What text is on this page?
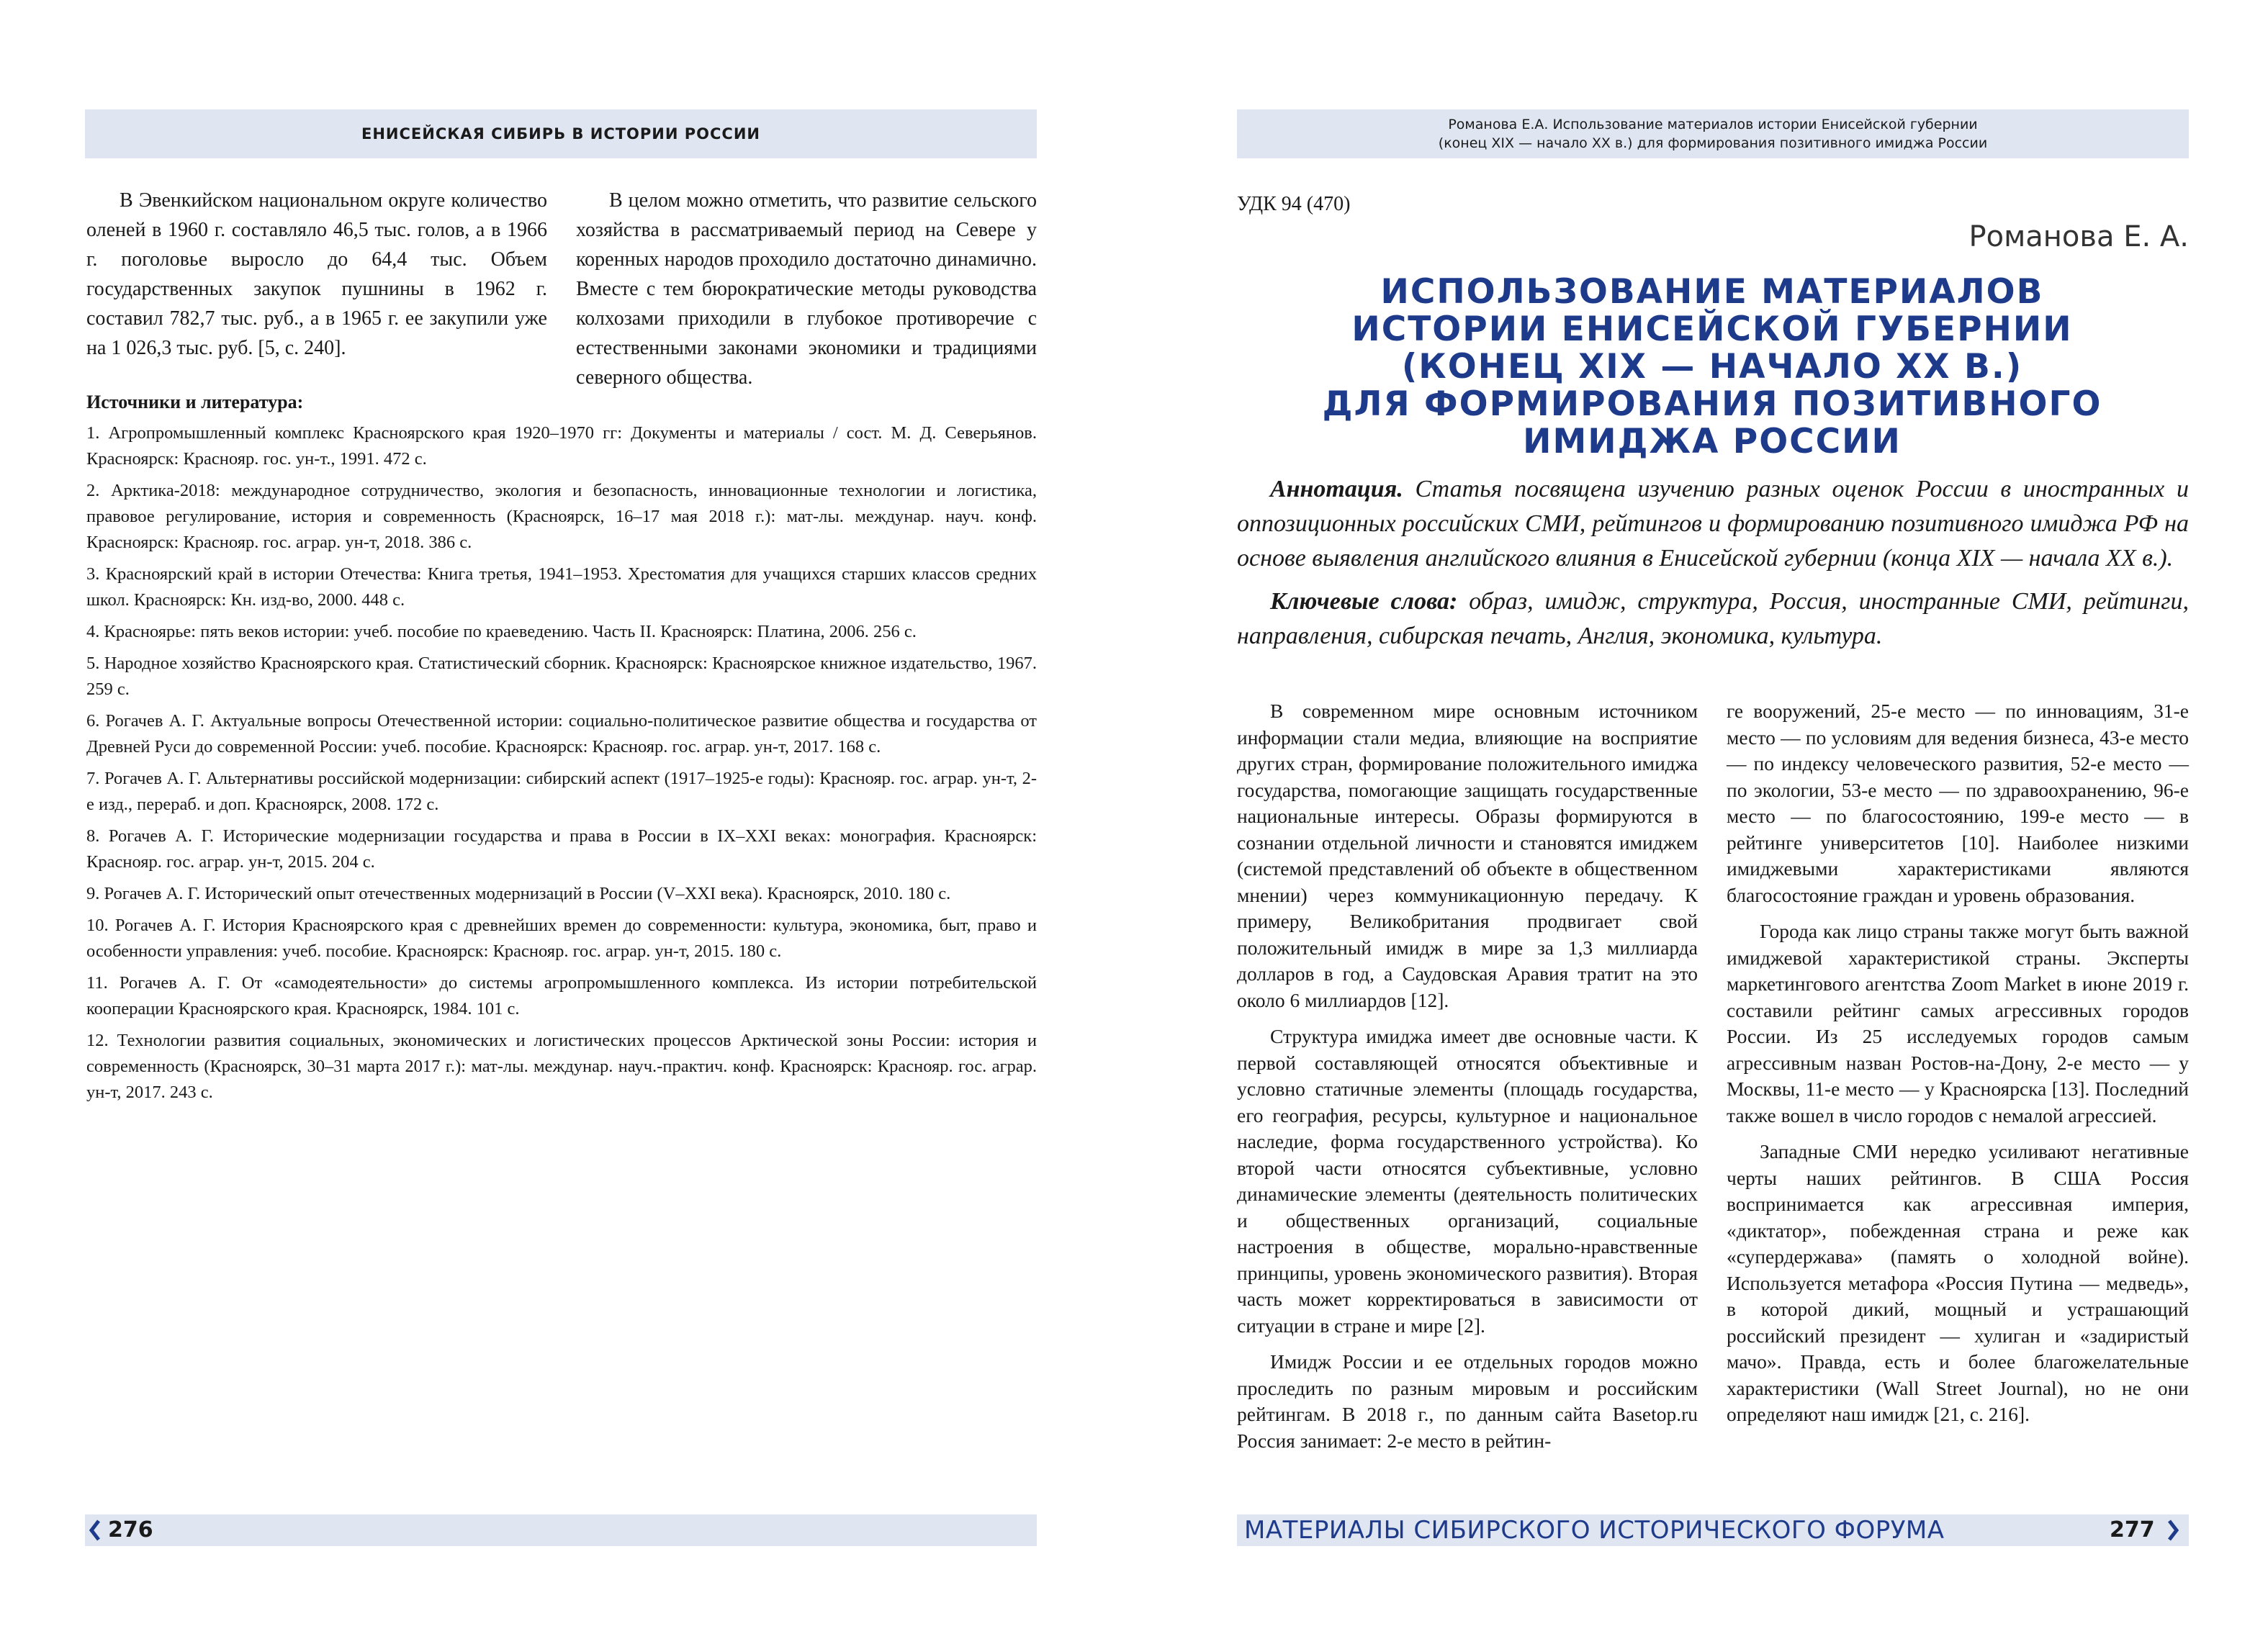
ЕНИСЕЙСКАЯ СИБИРЬ В ИСТОРИИ РОССИИ

В Эвенкийском национальном округе количество оленей в 1960 г. составляло 46,5 тыс. голов, а в 1966 г. поголовье выросло до 64,4 тыс. Объем государственных закупок пушнины в 1962 г. составил 782,7 тыс. руб., а в 1965 г. ее закупили уже на 1 026,3 тыс. руб. [5, с. 240].

В целом можно отметить, что развитие сельского хозяйства в рассматриваемый период на Севере у коренных народов проходило достаточно динамично. Вместе с тем бюрократические методы руководства колхозами приходили в глубокое противоречие с естественными законами экономики и традициями северного общества.

Источники и литература:
1. Агропромышленный комплекс Красноярского края 1920–1970 гг: Документы и материалы / сост. М. Д. Северьянов. Красноярск: Краснояр. гос. ун-т., 1991. 472 с.
2. Арктика-2018: международное сотрудничество, экология и безопасность, инновационные технологии и логистика, правовое регулирование, история и современность (Красноярск, 16–17 мая 2018 г.): мат-лы. междунар. науч. конф. Красноярск: Краснояр. гос. аграр. ун-т, 2018. 386 с.
3. Красноярский край в истории Отечества: Книга третья, 1941–1953. Хрестоматия для учащихся старших классов средних школ. Красноярск: Кн. изд-во, 2000. 448 с.
4. Красноярье: пять веков истории: учеб. пособие по краеведению. Часть II. Красноярск: Платина, 2006. 256 с.
5. Народное хозяйство Красноярского края. Статистический сборник. Красноярск: Красноярское книжное издательство, 1967. 259 с.
6. Рогачев А. Г. Актуальные вопросы Отечественной истории: социально-политическое развитие общества и государства от Древней Руси до современной России: учеб. пособие. Красноярск: Краснояр. гос. аграр. ун-т, 2017. 168 с.
7. Рогачев А. Г. Альтернативы российской модернизации: сибирский аспект (1917–1925-е годы): Краснояр. гос. аграр. ун-т, 2-е изд., перераб. и доп. Красноярск, 2008. 172 с.
8. Рогачев А. Г. Исторические модернизации государства и права в России в IX–XXI веках: монография. Красноярск: Краснояр. гос. аграр. ун-т, 2015. 204 с.
9. Рогачев А. Г. Исторический опыт отечественных модернизаций в России (V–XXI века). Красноярск, 2010. 180 с.
10. Рогачев А. Г. История Красноярского края с древнейших времен до современности: культура, экономика, быт, право и особенности управления: учеб. пособие. Красноярск: Краснояр. гос. аграр. ун-т, 2015. 180 с.
11. Рогачев А. Г. От «самодеятельности» до системы агропромышленного комплекса. Из истории потребительской кооперации Красноярского края. Красноярск, 1984. 101 с.
12. Технологии развития социальных, экономических и логистических процессов Арктической зоны России: история и современность (Красноярск, 30–31 марта 2017 г.): мат-лы. междунар. науч.-практич. конф. Красноярск: Краснояр. гос. аграр. ун-т, 2017. 243 с.
276
Романова Е.А. Использование материалов истории Енисейской губернии
(конец XIX — начало XX в.) для формирования позитивного имиджа России
УДК 94 (470)
Романова Е. А.
ИСПОЛЬЗОВАНИЕ МАТЕРИАЛОВ
ИСТОРИИ ЕНИСЕЙСКОЙ ГУБЕРНИИ
(КОНЕЦ XIX — НАЧАЛО XX В.)
ДЛЯ ФОРМИРОВАНИЯ ПОЗИТИВНОГО
ИМИДЖА РОССИИ

Аннотация. Статья посвящена изучению разных оценок России в иностранных и оппозиционных российских СМИ, рейтингов и формированию позитивного имиджа РФ на основе выявления английского влияния в Енисейской губернии (конца XIX — начала XX в.).

Ключевые слова: образ, имидж, структура, Россия, иностранные СМИ, рейтинги, направления, сибирская печать, Англия, экономика, культура.

В современном мире основным источником информации стали медиа, влияющие на восприятие других стран, формирование положительного имиджа государства, помогающие защищать государственные национальные интересы. Образы формируются в сознании отдельной личности и становятся имиджем (системой представлений об объекте в общественном мнении) через коммуникационную передачу. К примеру, Великобритания продвигает свой положительный имидж в мире за 1,3 миллиарда долларов в год, а Саудовская Аравия тратит на это около 6 миллиардов [12].

Структура имиджа имеет две основные части. К первой составляющей относятся объективные и условно статичные элементы (площадь государства, его география, ресурсы, культурное и национальное наследие, форма государственного устройства). Ко второй части относятся субъективные, условно динамические элементы (деятельность политических и общественных организаций, социальные настроения в обществе, морально-нравственные принципы, уровень экономического развития). Вторая часть может корректироваться в зависимости от ситуации в стране и мире [2].

Имидж России и ее отдельных городов можно проследить по разным мировым и российским рейтингам. В 2018 г., по данным сайта Basetop.ru Россия занимает: 2-е место в рейтин-

ге вооружений, 25-е место — по инновациям, 31-е место — по условиям для ведения бизнеса, 43-е место — по индексу человеческого развития, 52-е место — по экологии, 53-е место — по здравоохранению, 96-е место — по благосостоянию, 199-е место — в рейтинге университетов [10]. Наиболее низкими имиджевыми характеристиками являются благосостояние граждан и уровень образования.

Города как лицо страны также могут быть важной имиджевой характеристикой страны. Эксперты маркетингового агентства Zoom Market в июне 2019 г. составили рейтинг самых агрессивных городов России. Из 25 исследуемых городов самым агрессивным назван Ростов-на-Дону, 2-е место — у Москвы, 11-е место — у Красноярска [13]. Последний также вошел в число городов с немалой агрессией.

Западные СМИ нередко усиливают негативные черты наших рейтингов. В США Россия воспринимается как агрессивная империя, «диктатор», побежденная страна и реже как «супердержава» (память о холодной войне). Используется метафора «Россия Путина — медведь», в которой дикий, мощный и устрашающий российский президент — хулиган и «задиристый мачо». Правда, есть и более благожелательные характеристики (Wall Street Journal), но не они определяют наш имидж [21, с. 216].

МАТЕРИАЛЫ СИБИРСКОГО ИСТОРИЧЕСКОГО ФОРУМА	277
